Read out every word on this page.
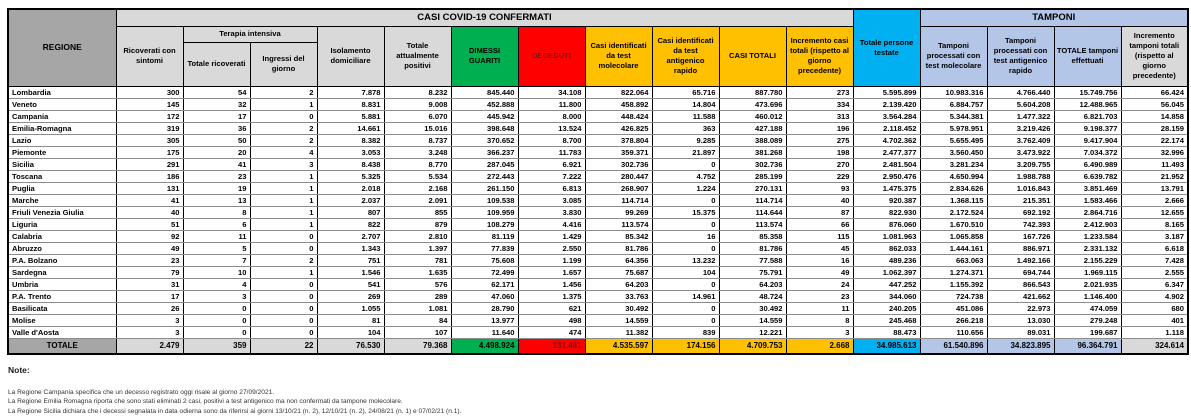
REGIONE	CASI COVID-19 CONFERMATI											Totale persone testate	TAMPONI			
	Ricoverati con sintomi	Terapia intensiva		Isolamento domiciliare	Totale attualmente positivi	DIMESSI GUARITI	DECEDUTI	Casi identificati da test molecolare	Casi identificati da test antigenico rapido	CASI TOTALI	Incremento casi totali (rispetto al giorno precedente)		Tamponi processati con test molecolare	Tamponi processati con test antigenico rapido	TOTALE tamponi effettuati	Incremento tamponi totali (rispetto al giorno precedente)
		Totale ricoverati	Ingressi del giorno													
Lombardia	300	54	2	7.878	8.232	845.440	34.108	822.064	65.716	887.780	273	5.595.899	10.983.316	4.766.440	15.749.756	66.424
Veneto	145	32	1	8.831	9.008	452.888	11.800	458.892	14.804	473.696	334	2.139.420	6.884.757	5.604.208	12.488.965	56.045
Campania	172	17	0	5.881	6.070	445.942	8.000	448.424	11.588	460.012	313	3.564.284	5.344.381	1.477.322	6.821.703	14.858
Emilia-Romagna	319	36	2	14.661	15.016	398.648	13.524	426.825	363	427.188	196	2.118.452	5.978.951	3.219.426	9.198.377	28.159
Lazio	305	50	2	8.382	8.737	370.652	8.700	378.804	9.285	388.089	275	4.702.362	5.655.495	3.762.409	9.417.904	22.174
Piemonte	175	20	4	3.053	3.248	366.237	11.783	359.371	21.897	381.268	198	2.477.377	3.560.450	3.473.922	7.034.372	32.996
Sicilia	291	41	3	8.438	8.770	287.045	6.921	302.736	0	302.736	270	2.481.504	3.281.234	3.209.755	6.490.989	11.493
Toscana	186	23	1	5.325	5.534	272.443	7.222	280.447	4.752	285.199	229	2.950.476	4.650.994	1.988.788	6.639.782	21.952
Puglia	131	19	1	2.018	2.168	261.150	6.813	268.907	1.224	270.131	93	1.475.375	2.834.626	1.016.843	3.851.469	13.791
Marche	41	13	1	2.037	2.091	109.538	3.085	114.714	0	114.714	40	920.387	1.368.115	215.351	1.583.466	2.666
Friuli Venezia Giulia	40	8	1	807	855	109.959	3.830	99.269	15.375	114.644	87	822.930	2.172.524	692.192	2.864.716	12.655
Liguria	51	6	1	822	879	108.279	4.416	113.574	0	113.574	66	876.060	1.670.510	742.393	2.412.903	8.165
Calabria	92	11	0	2.707	2.810	81.119	1.429	85.342	16	85.358	115	1.081.963	1.065.858	167.726	1.233.584	3.187
Abruzzo	49	5	0	1.343	1.397	77.839	2.550	81.786	0	81.786	45	862.033	1.444.161	886.971	2.331.132	6.618
P.A. Bolzano	23	7	2	751	781	75.608	1.199	64.356	13.232	77.588	16	489.236	663.063	1.492.166	2.155.229	7.428
Sardegna	79	10	1	1.546	1.635	72.499	1.657	75.687	104	75.791	49	1.062.397	1.274.371	694.744	1.969.115	2.555
Umbria	31	4	0	541	576	62.171	1.456	64.203	0	64.203	24	447.252	1.155.392	866.543	2.021.935	6.347
P.A. Trento	17	3	0	269	289	47.060	1.375	33.763	14.961	48.724	23	344.060	724.738	421.662	1.146.400	4.902
Basilicata	26	0	0	1.055	1.081	28.790	621	30.492	0	30.492	11	240.205	451.086	22.973	474.059	680
Molise	3	0	0	81	84	13.977	498	14.559	0	14.559	8	245.468	266.218	13.030	279.248	401
Valle d'Aosta	3	0	0	104	107	11.640	474	11.382	839	12.221	3	88.473	110.656	89.031	199.687	1.118
TOTALE	2.479	359	22	76.530	79.368	4.498.924	131.461	4.535.597	174.156	4.709.753	2.668	34.985.613	61.540.896	34.823.895	96.364.791	324.614
Note:
La Regione Campania specifica che un decesso registrato oggi risale al giorno 27/09/2021.
La Regione Emilia Romagna riporta che sono stati eliminati 2 casi, positivi a test antigenico ma non confermati da tampone molecolare.
La Regione Sicilia dichiara che i decessi segnalata in data odierna sono da riferirsi ai giorni 13/10/21 (n. 2), 12/10/21 (n. 2), 24/08/21 (n. 1) e 07/02/21 (n.1).
